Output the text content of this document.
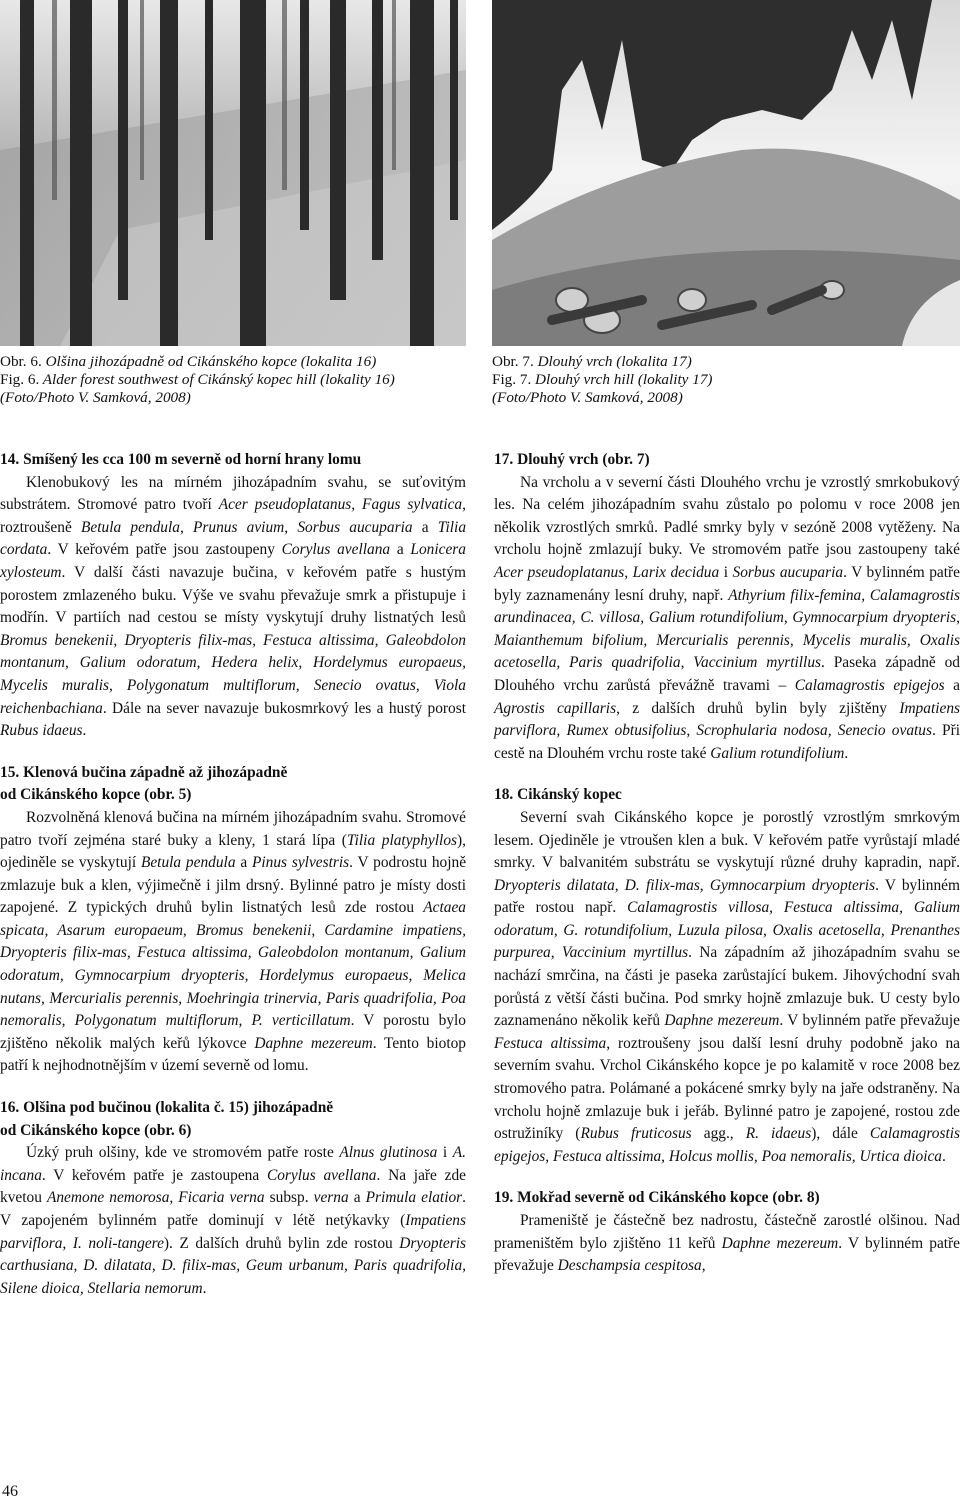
Obr. 6. Olšina jihozápadně od Cikánského kopce (lokalita 16)
Fig. 6. Alder forest southwest of Cikánský kopec hill (lokality 16)
(Foto/Photo V. Samková, 2008)
Obr. 7. Dlouhý vrch (lokalita 17)
Fig. 7. Dlouhý vrch hill (lokality 17)
(Foto/Photo V. Samková, 2008)

14. Smíšený les cca 100 m severně od horní hrany lomu

Klenobukový les na mírném jihozápadním svahu, se suťovitým substrátem. Stromové patro tvoří Acer pseudoplatanus, Fagus sylvatica, roztroušeně Betula pendula, Prunus avium, Sorbus aucuparia a Tilia cordata. V keřovém patře jsou zastoupeny Corylus avellana a Lonicera xylosteum. V další části navazuje bučina, v keřovém patře s hustým porostem zmlazeného buku. Výše ve svahu převažuje smrk a přistupuje i modřín. V partiích nad cestou se místy vyskytují druhy listnatých lesů Bromus benekenii, Dryopteris filix-mas, Festuca altissima, Galeobdolon montanum, Galium odoratum, Hedera helix, Hordelymus europaeus, Mycelis muralis, Polygonatum multiflorum, Senecio ovatus, Viola reichenbachiana. Dále na sever navazuje bukosmrkový les a hustý porost Rubus idaeus.

15. Klenová bučina západně až jihozápadně

od Cikánského kopce (obr. 5)

Rozvolněná klenová bučina na mírném jihozápadním svahu. Stromové patro tvoří zejména staré buky a kleny, 1 stará lípa (Tilia platyphyllos), ojediněle se vyskytují Betula pendula a Pinus sylvestris. V podrostu hojně zmlazuje buk a klen, výjimečně i jilm drsný. Bylinné patro je místy dosti zapojené. Z typických druhů bylin listnatých lesů zde rostou Actaea spicata, Asarum europaeum, Bromus benekenii, Cardamine impatiens, Dryopteris filix-mas, Festuca altissima, Galeobdolon montanum, Galium odoratum, Gymnocarpium dryopteris, Hordelymus europaeus, Melica nutans, Mercurialis perennis, Moehringia trinervia, Paris quadrifolia, Poa nemoralis, Polygonatum multiflorum, P. verticillatum. V porostu bylo zjištěno několik malých keřů lýkovce Daphne mezereum. Tento biotop patří k nejhodnotnějším v území severně od lomu.

16. Olšina pod bučinou (lokalita č. 15) jihozápadně

od Cikánského kopce (obr. 6)

Úzký pruh olšiny, kde ve stromovém patře roste Alnus glutinosa i A. incana. V keřovém patře je zastoupena Corylus avellana. Na jaře zde kvetou Anemone nemorosa, Ficaria verna subsp. verna a Primula elatior. V zapojeném bylinném patře dominují v létě netýkavky (Impatiens parviflora, I. noli-tangere). Z dalších druhů bylin zde rostou Dryopteris carthusiana, D. dilatata, D. filix-mas, Geum urbanum, Paris quadrifolia, Silene dioica, Stellaria nemorum.

17. Dlouhý vrch (obr. 7)

Na vrcholu a v severní části Dlouhého vrchu je vzrostlý smrkobukový les. Na celém jihozápadním svahu zůstalo po polomu v roce 2008 jen několik vzrostlých smrků. Padlé smrky byly v sezóně 2008 vytěženy. Na vrcholu hojně zmlazují buky. Ve stromovém patře jsou zastoupeny také Acer pseudoplatanus, Larix decidua i Sorbus aucuparia. V bylinném patře byly zaznamenány lesní druhy, např. Athyrium filix-femina, Calamagrostis arundinacea, C. villosa, Galium rotundifolium, Gymnocarpium dryopteris, Maianthemum bifolium, Mercurialis perennis, Mycelis muralis, Oxalis acetosella, Paris quadrifolia, Vaccinium myrtillus. Paseka západně od Dlouhého vrchu zarůstá převážně travami – Calamagrostis epigejos a Agrostis capillaris, z dalších druhů bylin byly zjištěny Impatiens parviflora, Rumex obtusifolius, Scrophularia nodosa, Senecio ovatus. Při cestě na Dlouhém vrchu roste také Galium rotundifolium.

18. Cikánský kopec

Severní svah Cikánského kopce je porostlý vzrostlým smrkovým lesem. Ojediněle je vtroušen klen a buk. V keřovém patře vyrůstají mladé smrky. V balvanitém substrátu se vyskytují různé druhy kapradin, např. Dryopteris dilatata, D. filix-mas, Gymnocarpium dryopteris. V bylinném patře rostou např. Calamagrostis villosa, Festuca altissima, Galium odoratum, G. rotundifolium, Luzula pilosa, Oxalis acetosella, Prenanthes purpurea, Vaccinium myrtillus. Na západním až jihozápadním svahu se nachází smrčina, na části je paseka zarůstající bukem. Jihovýchodní svah porůstá z větší části bučina. Pod smrky hojně zmlazuje buk. U cesty bylo zaznamenáno několik keřů Daphne mezereum. V bylinném patře převažuje Festuca altissima, roztroušeny jsou další lesní druhy podobně jako na severním svahu. Vrchol Cikánského kopce je po kalamitě v roce 2008 bez stromového patra. Polámané a pokácené smrky byly na jaře odstraněny. Na vrcholu hojně zmlazuje buk i jeřáb. Bylinné patro je zapojené, rostou zde ostružiníky (Rubus fruticosus agg., R. idaeus), dále Calamagrostis epigejos, Festuca altissima, Holcus mollis, Poa nemoralis, Urtica dioica.

19. Mokřad severně od Cikánského kopce (obr. 8)

Prameniště je částečně bez nadrostu, částečně zarostlé olšinou. Nad prameništěm bylo zjištěno 11 keřů Daphne mezereum. V bylinném patře převažuje Deschampsia cespitosa,

46
